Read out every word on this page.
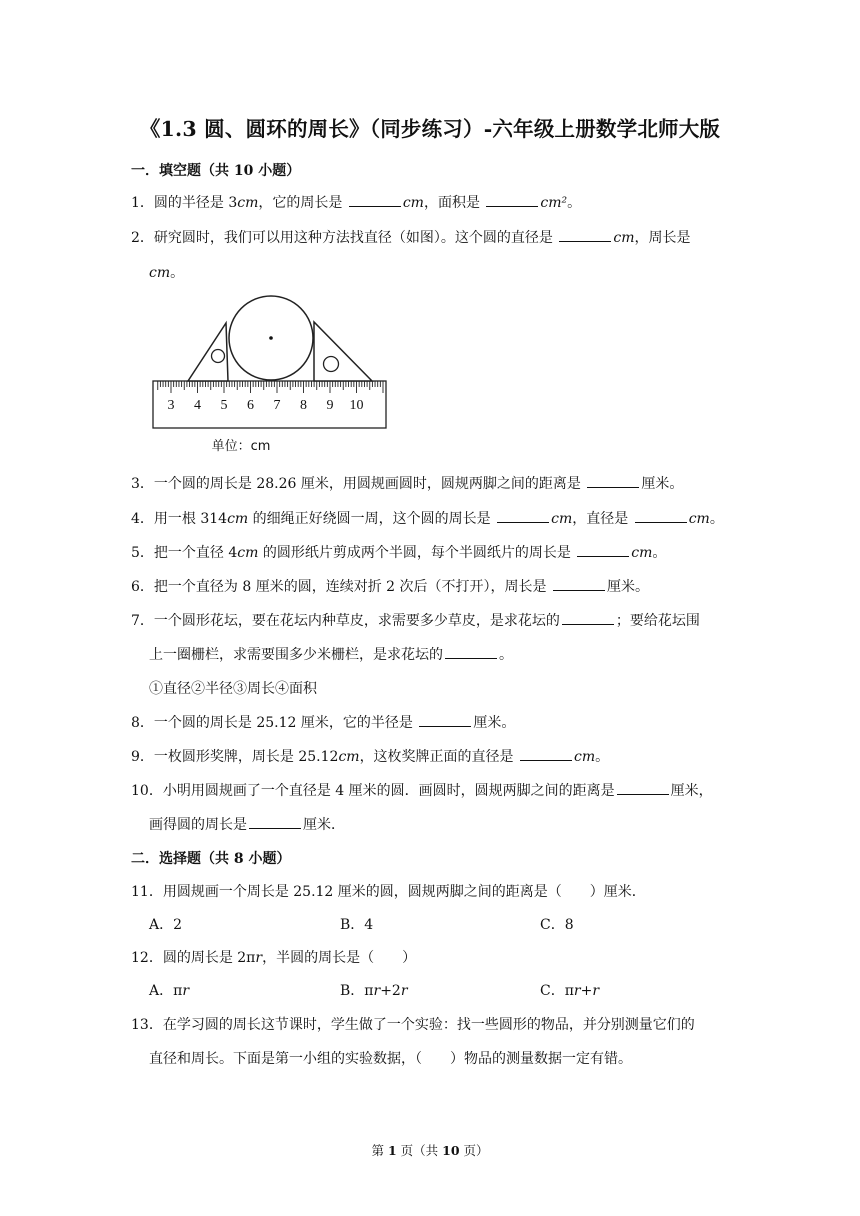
《1.3 圆、圆环的周长》（同步练习）-六年级上册数学北师大版
一．填空题（共 10 小题）
1．圆的半径是 3cm，它的周长是	cm，面积是	cm²。
2．研究圆时，我们可以用这种方法找直径（如图）。这个圆的直径是	cm，周长是
cm。
3 4 5 6 7 8 9 10
单位：cm
3．一个圆的周长是 28.26 厘米，用圆规画圆时，圆规两脚之间的距离是	厘米。
4．用一根 314cm 的细绳正好绕圆一周，这个圆的周长是	cm，直径是	cm。
5．把一个直径 4cm 的圆形纸片剪成两个半圆，每个半圆纸片的周长是	cm。
6．把一个直径为 8 厘米的圆，连续对折 2 次后（不打开），周长是	厘米。
7．一个圆形花坛，要在花坛内种草皮，求需要多少草皮，是求花坛的	；要给花坛围
上一圈栅栏，求需要围多少米栅栏，是求花坛的	。
①直径②半径③周长④面积
8．一个圆的周长是 25.12 厘米，它的半径是	厘米。
9．一枚圆形奖牌，周长是 25.12cm，这枚奖牌正面的直径是	cm。
10．小明用圆规画了一个直径是 4 厘米的圆．画圆时，圆规两脚之间的距离是	厘米，
画得圆的周长是	厘米．
二．选择题（共 8 小题）
11．用圆规画一个周长是 25.12 厘米的圆，圆规两脚之间的距离是（ ）厘米．
A．2	B．4	C．8
12．圆的周长是 2πr，半圆的周长是（ ）
A．πr	B．πr+2r	C．πr+r
13．在学习圆的周长这节课时，学生做了一个实验：找一些圆形的物品，并分别测量它们的
直径和周长。下面是第一小组的实验数据，（ ）物品的测量数据一定有错。
第 1 页（共 10 页）
